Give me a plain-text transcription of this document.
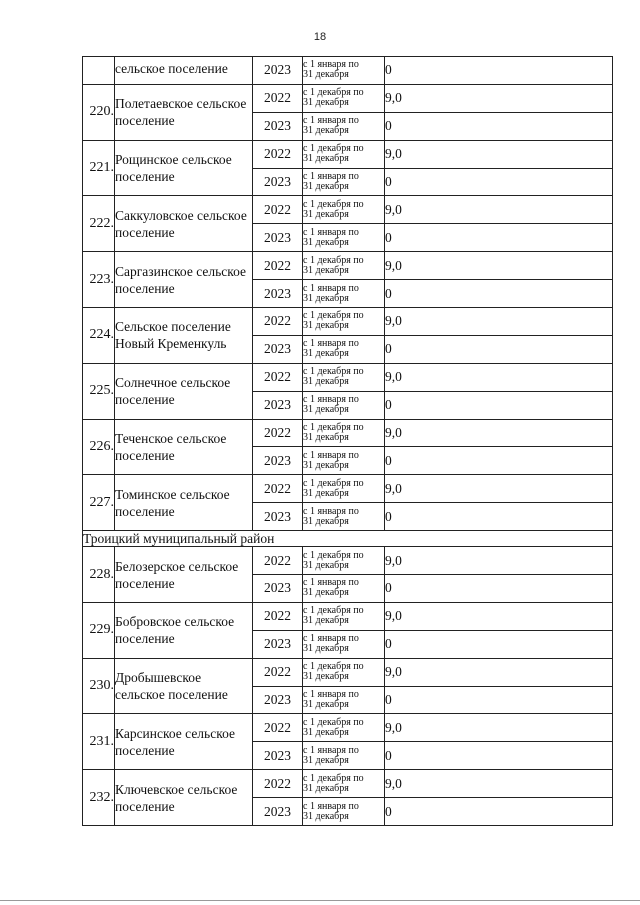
18
	сельское поселение	2023	с 1 января по
31 декабря	0
220.	Полетаевское сельское поселение	2022	с 1 декабря по
31 декабря	9,0
		2023	с 1 января по
31 декабря	0
221.	Рощинское сельское поселение	2022	с 1 декабря по
31 декабря	9,0
		2023	с 1 января по
31 декабря	0
222.	Саккуловское сельское поселение	2022	с 1 декабря по
31 декабря	9,0
		2023	с 1 января по
31 декабря	0
223.	Саргазинское сельское поселение	2022	с 1 декабря по
31 декабря	9,0
		2023	с 1 января по
31 декабря	0
224.	Сельское поселение Новый Кременкуль	2022	с 1 декабря по
31 декабря	9,0
		2023	с 1 января по
31 декабря	0
225.	Солнечное сельское поселение	2022	с 1 декабря по
31 декабря	9,0
		2023	с 1 января по
31 декабря	0
226.	Теченское сельское поселение	2022	с 1 декабря по
31 декабря	9,0
		2023	с 1 января по
31 декабря	0
227.	Томинское сельское поселение	2022	с 1 декабря по
31 декабря	9,0
		2023	с 1 января по
31 декабря	0
Троицкий муниципальный район				
228.	Белозерское сельское поселение	2022	с 1 декабря по
31 декабря	9,0
		2023	с 1 января по
31 декабря	0
229.	Бобровское сельское поселение	2022	с 1 декабря по
31 декабря	9,0
		2023	с 1 января по
31 декабря	0
230.	Дробышевское сельское поселение	2022	с 1 декабря по
31 декабря	9,0
		2023	с 1 января по
31 декабря	0
231.	Карсинское сельское поселение	2022	с 1 декабря по
31 декабря	9,0
		2023	с 1 января по
31 декабря	0
232.	Ключевское сельское поселение	2022	с 1 декабря по
31 декабря	9,0
		2023	с 1 января по
31 декабря	0
